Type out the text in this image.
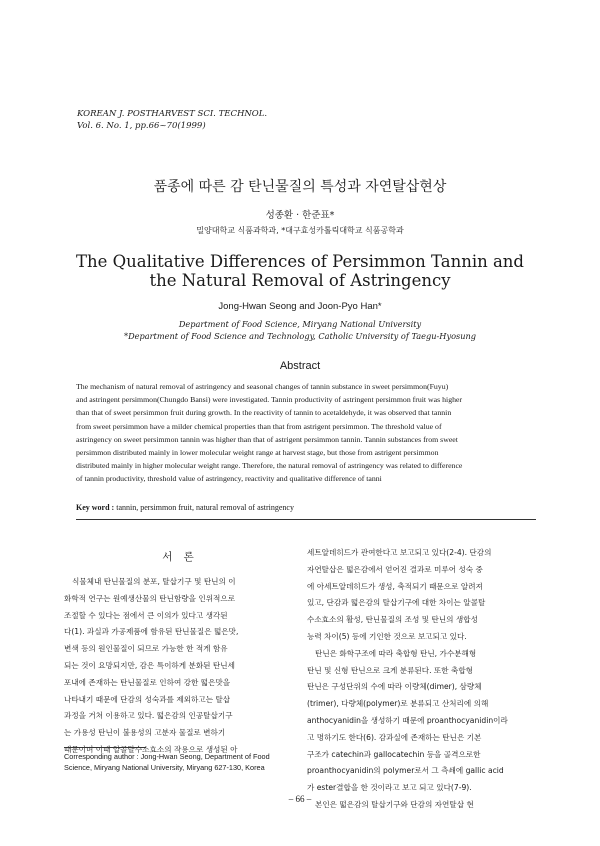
KOREAN J. POSTHARVEST SCI. TECHNOL.
Vol. 6. No. 1, pp.66~70(1999)
품종에 따른 감 탄닌물질의 특성과 자연탈삽현상
성종환 · 한준표*
밀양대학교 식품과학과, *대구효성카톨릭대학교 식품공학과
The Qualitative Differences of Persimmon Tannin and
the Natural Removal of Astringency
Jong-Hwan Seong and Joon-Pyo Han*
Department of Food Science, Miryang National University
*Department of Food Science and Technology, Catholic University of Taegu-Hyosung
Abstract
The mechanism of natural removal of astringency and seasonal changes of tannin substance in sweet persimmon(Fuyu)
and astringent persimmon(Chungdo Bansi) were investigated. Tannin productivity of astringent persimmon fruit was higher
than that of sweet persimmon fruit during growth. In the reactivity of tannin to acetaldehyde, it was observed that tannin
from sweet persimmon have a milder chemical properties than that from astrigent persimmon. The threshold value of
astringency on sweet persimmon tannin was higher than that of astrigent persimmon tannin. Tannin substances from sweet
persimmon distributed mainly in lower molecular weight range at harvest stage, but those from astrigent persimmon
distributed mainly in higher molecular weight range. Therefore, the natural removal of astringency was related to difference
of tannin productivity, threshold value of astringency, reactivity and qualitative difference of tanni
Key word : tannin, persimmon fruit, natural removal of astringency
서 론
식물체내 탄닌물질의 분포, 탈삽기구 및 탄닌의 이
화학적 연구는 원예생산물의 탄닌함량을 인위적으로
조절할 수 있다는 점에서 큰 이의가 있다고 생각된
다(1). 과실과 가공제품에 함유된 탄닌물질은 떫은맛,
변색 등의 원인물질이 되므로 가능한 한 적게 함유
되는 것이 요망되지만, 감은 특이하게 분화된 탄닌세
포내에 존재하는 탄닌물질로 인하여 강한 떫은맛을
나타내기 때문에 단감의 성숙과를 제외하고는 탈삽
과정을 거쳐 이용하고 있다. 떫은감의 인공탈삽기구
는 가용성 탄닌이 불용성의 고분자 물질로 변하기
때문이며 이때 알콜탈수소효소의 작용으로 생성된 아
세트알데히드가 관여한다고 보고되고 있다(2-4). 단감의
자연탈삽은 떫은감에서 얻어진 결과로 미루어 성숙 중
에 아세트알데히드가 생성, 축적되기 때문으로 알려져
있고, 단감과 떫은감의 탈삽기구에 대한 차이는 알콜탈
수소효소의 활성, 탄닌물질의 조성 및 탄닌의 생합성
능력 차이(5) 등에 기인한 것으로 보고되고 있다.
탄닌은 화학구조에 따라 축합형 탄닌, 가수분해형
탄닌 및 신형 탄닌으로 크게 분류된다. 또한 축합형
탄닌은 구성단위의 수에 따라 이량체(dimer), 삼량체
(trimer), 다량체(polymer)로 분류되고 산처리에 의해
anthocyanidin을 생성하기 때문에 proanthocyanidin이라
고 명하기도 한다(6). 감과실에 존재하는 탄닌은 기본
구조가 catechin과 gallocatechin 등을 골격으로한
proanthocyanidin의 polymer로서 그 측쇄에 gallic acid
가 ester결합을 한 것이라고 보고 되고 있다(7-9).
본인은 떫은감의 탈삽기구와 단감의 자연탈삽 현
Corresponding author : Jong-Hwan Seong, Department of Food Science, Miryang National University, Miryang 627-130, Korea
– 66 –
